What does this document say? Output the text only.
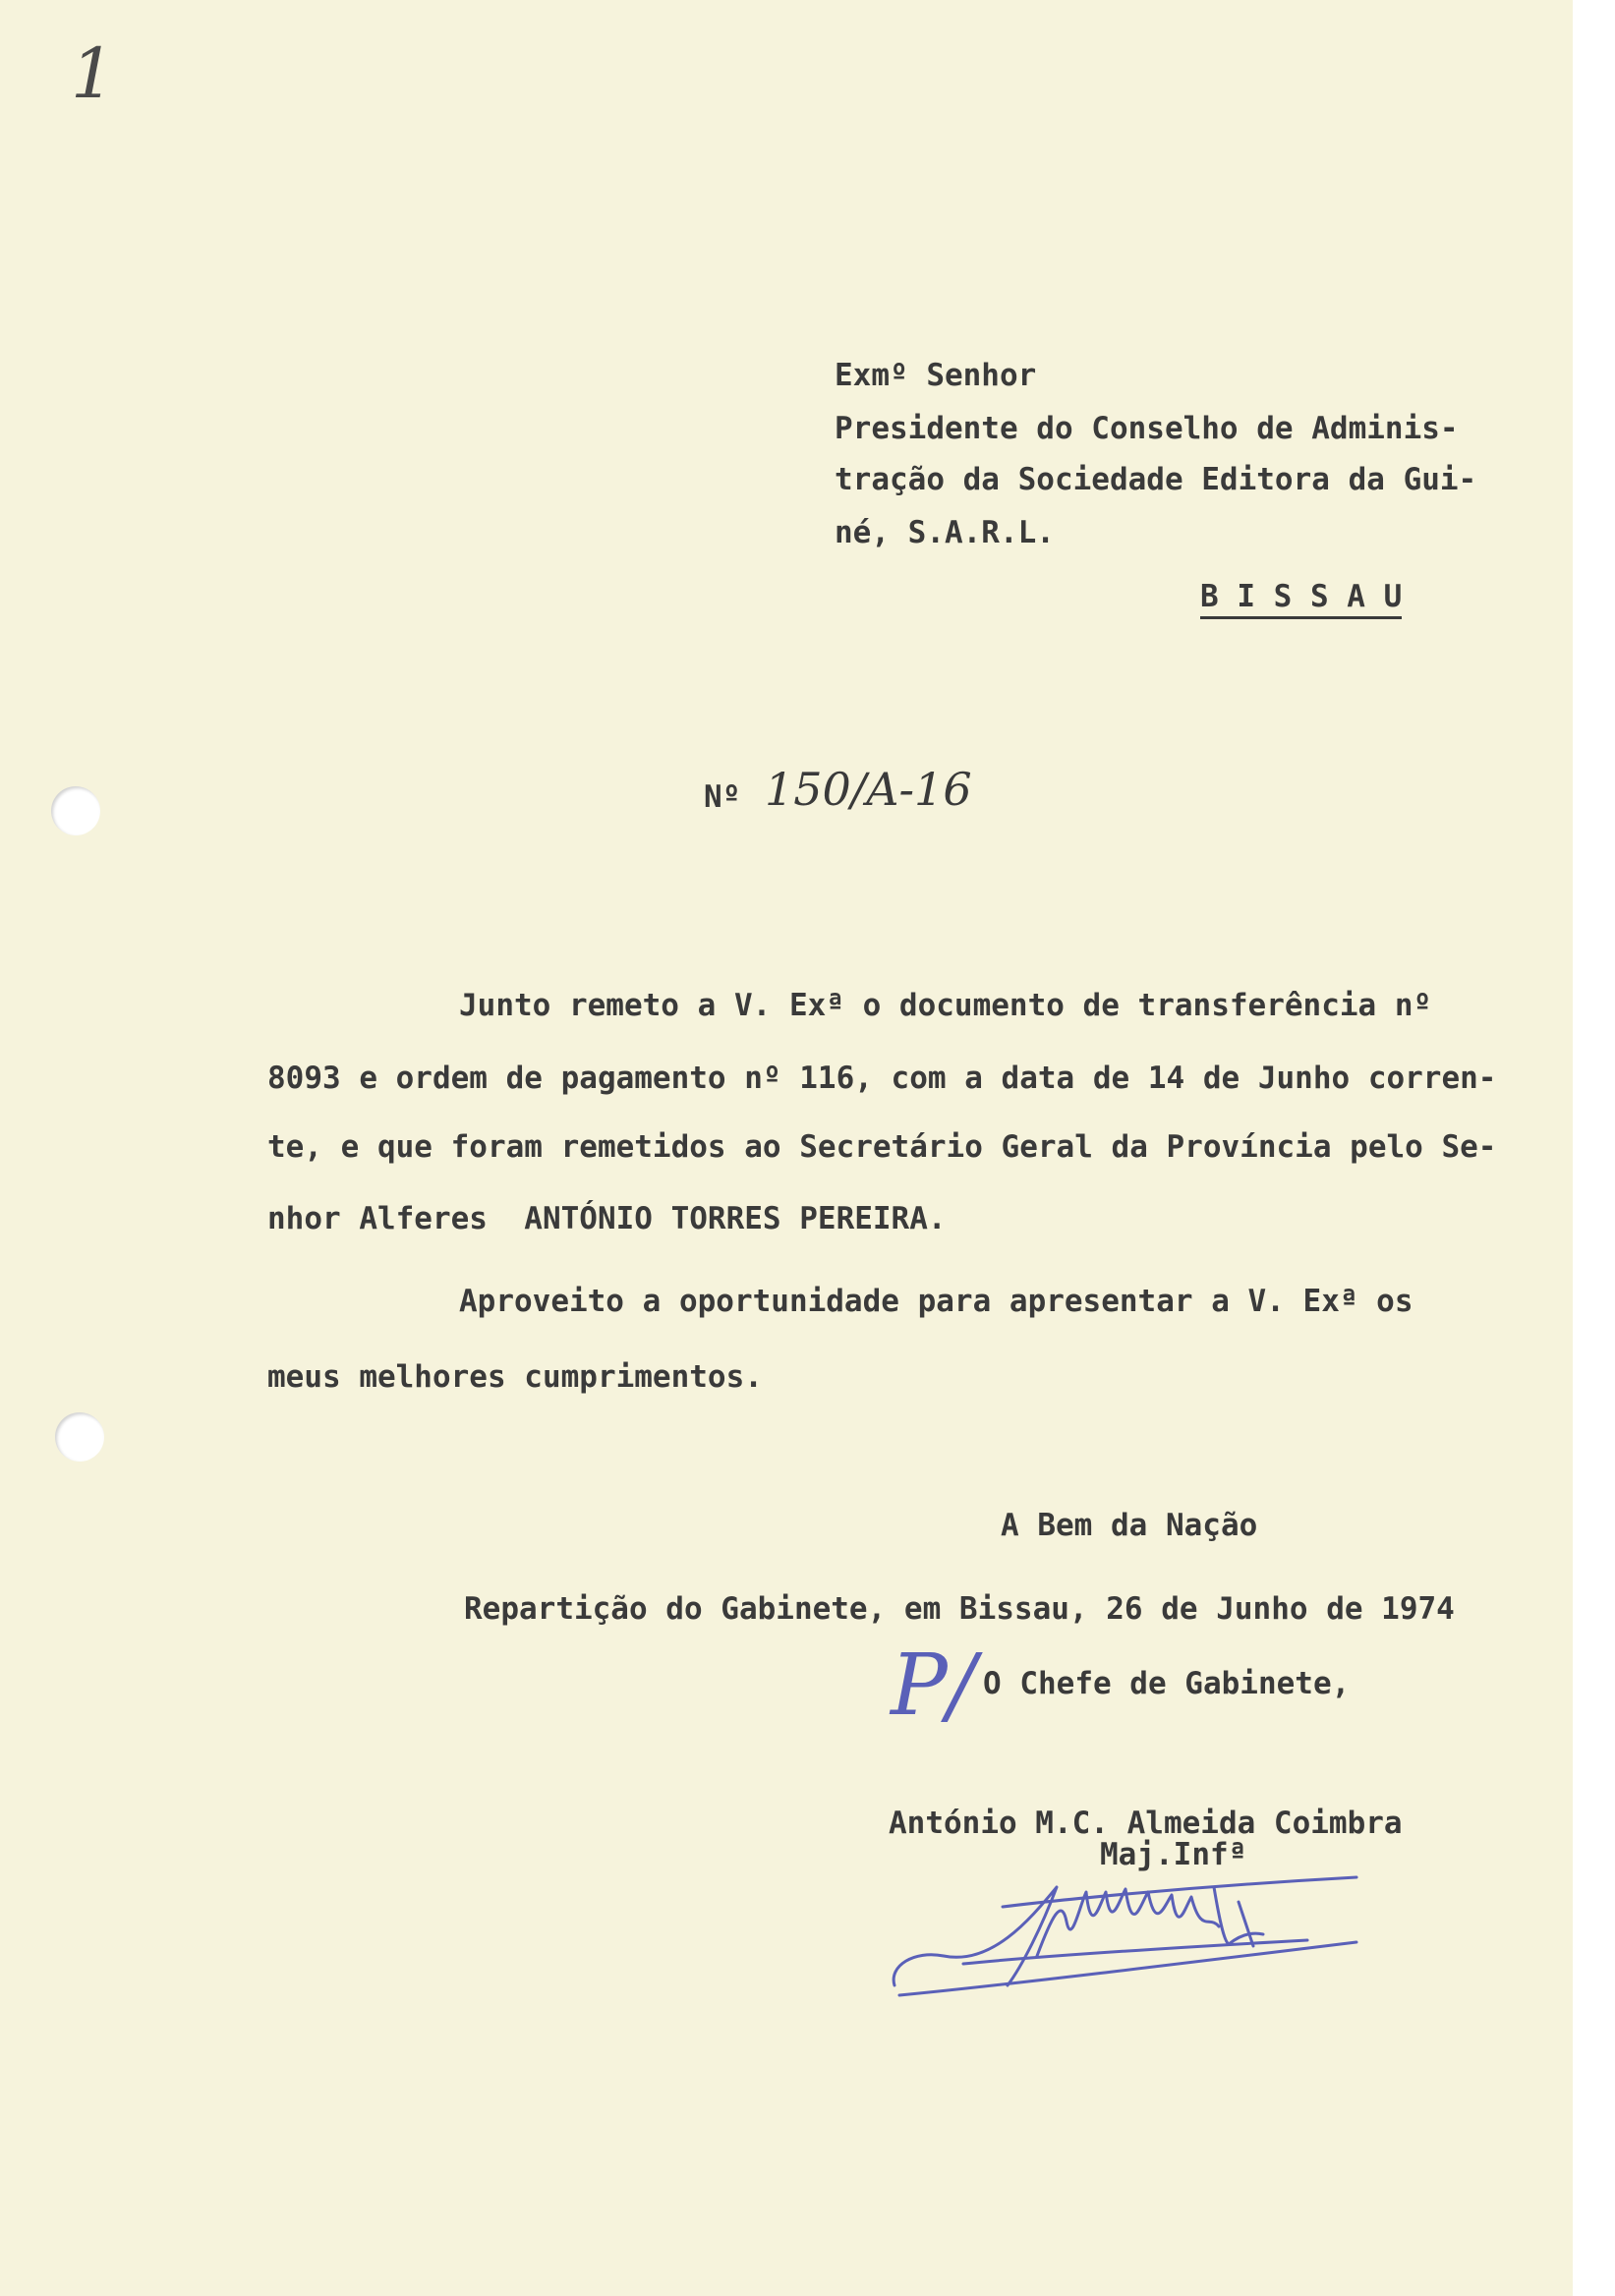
1
Exmº Senhor
Presidente do Conselho de Adminis-
tração da Sociedade Editora da Gui-
né, S.A.R.L.
B I S S A U
Nº 150/A-16
Junto remeto a V. Exª o documento de transferência nº
8093 e ordem de pagamento nº 116, com a data de 14 de Junho corren-
te, e que foram remetidos ao Secretário Geral da Província pelo Se-
nhor Alferes  ANTÓNIO TORRES PEREIRA.
Aproveito a oportunidade para apresentar a V. Exª os
meus melhores cumprimentos.
A Bem da Nação
Repartição do Gabinete, em Bissau, 26 de Junho de 1974
P/ O Chefe de Gabinete,
António M.C. Almeida Coimbra
Maj.Infª
